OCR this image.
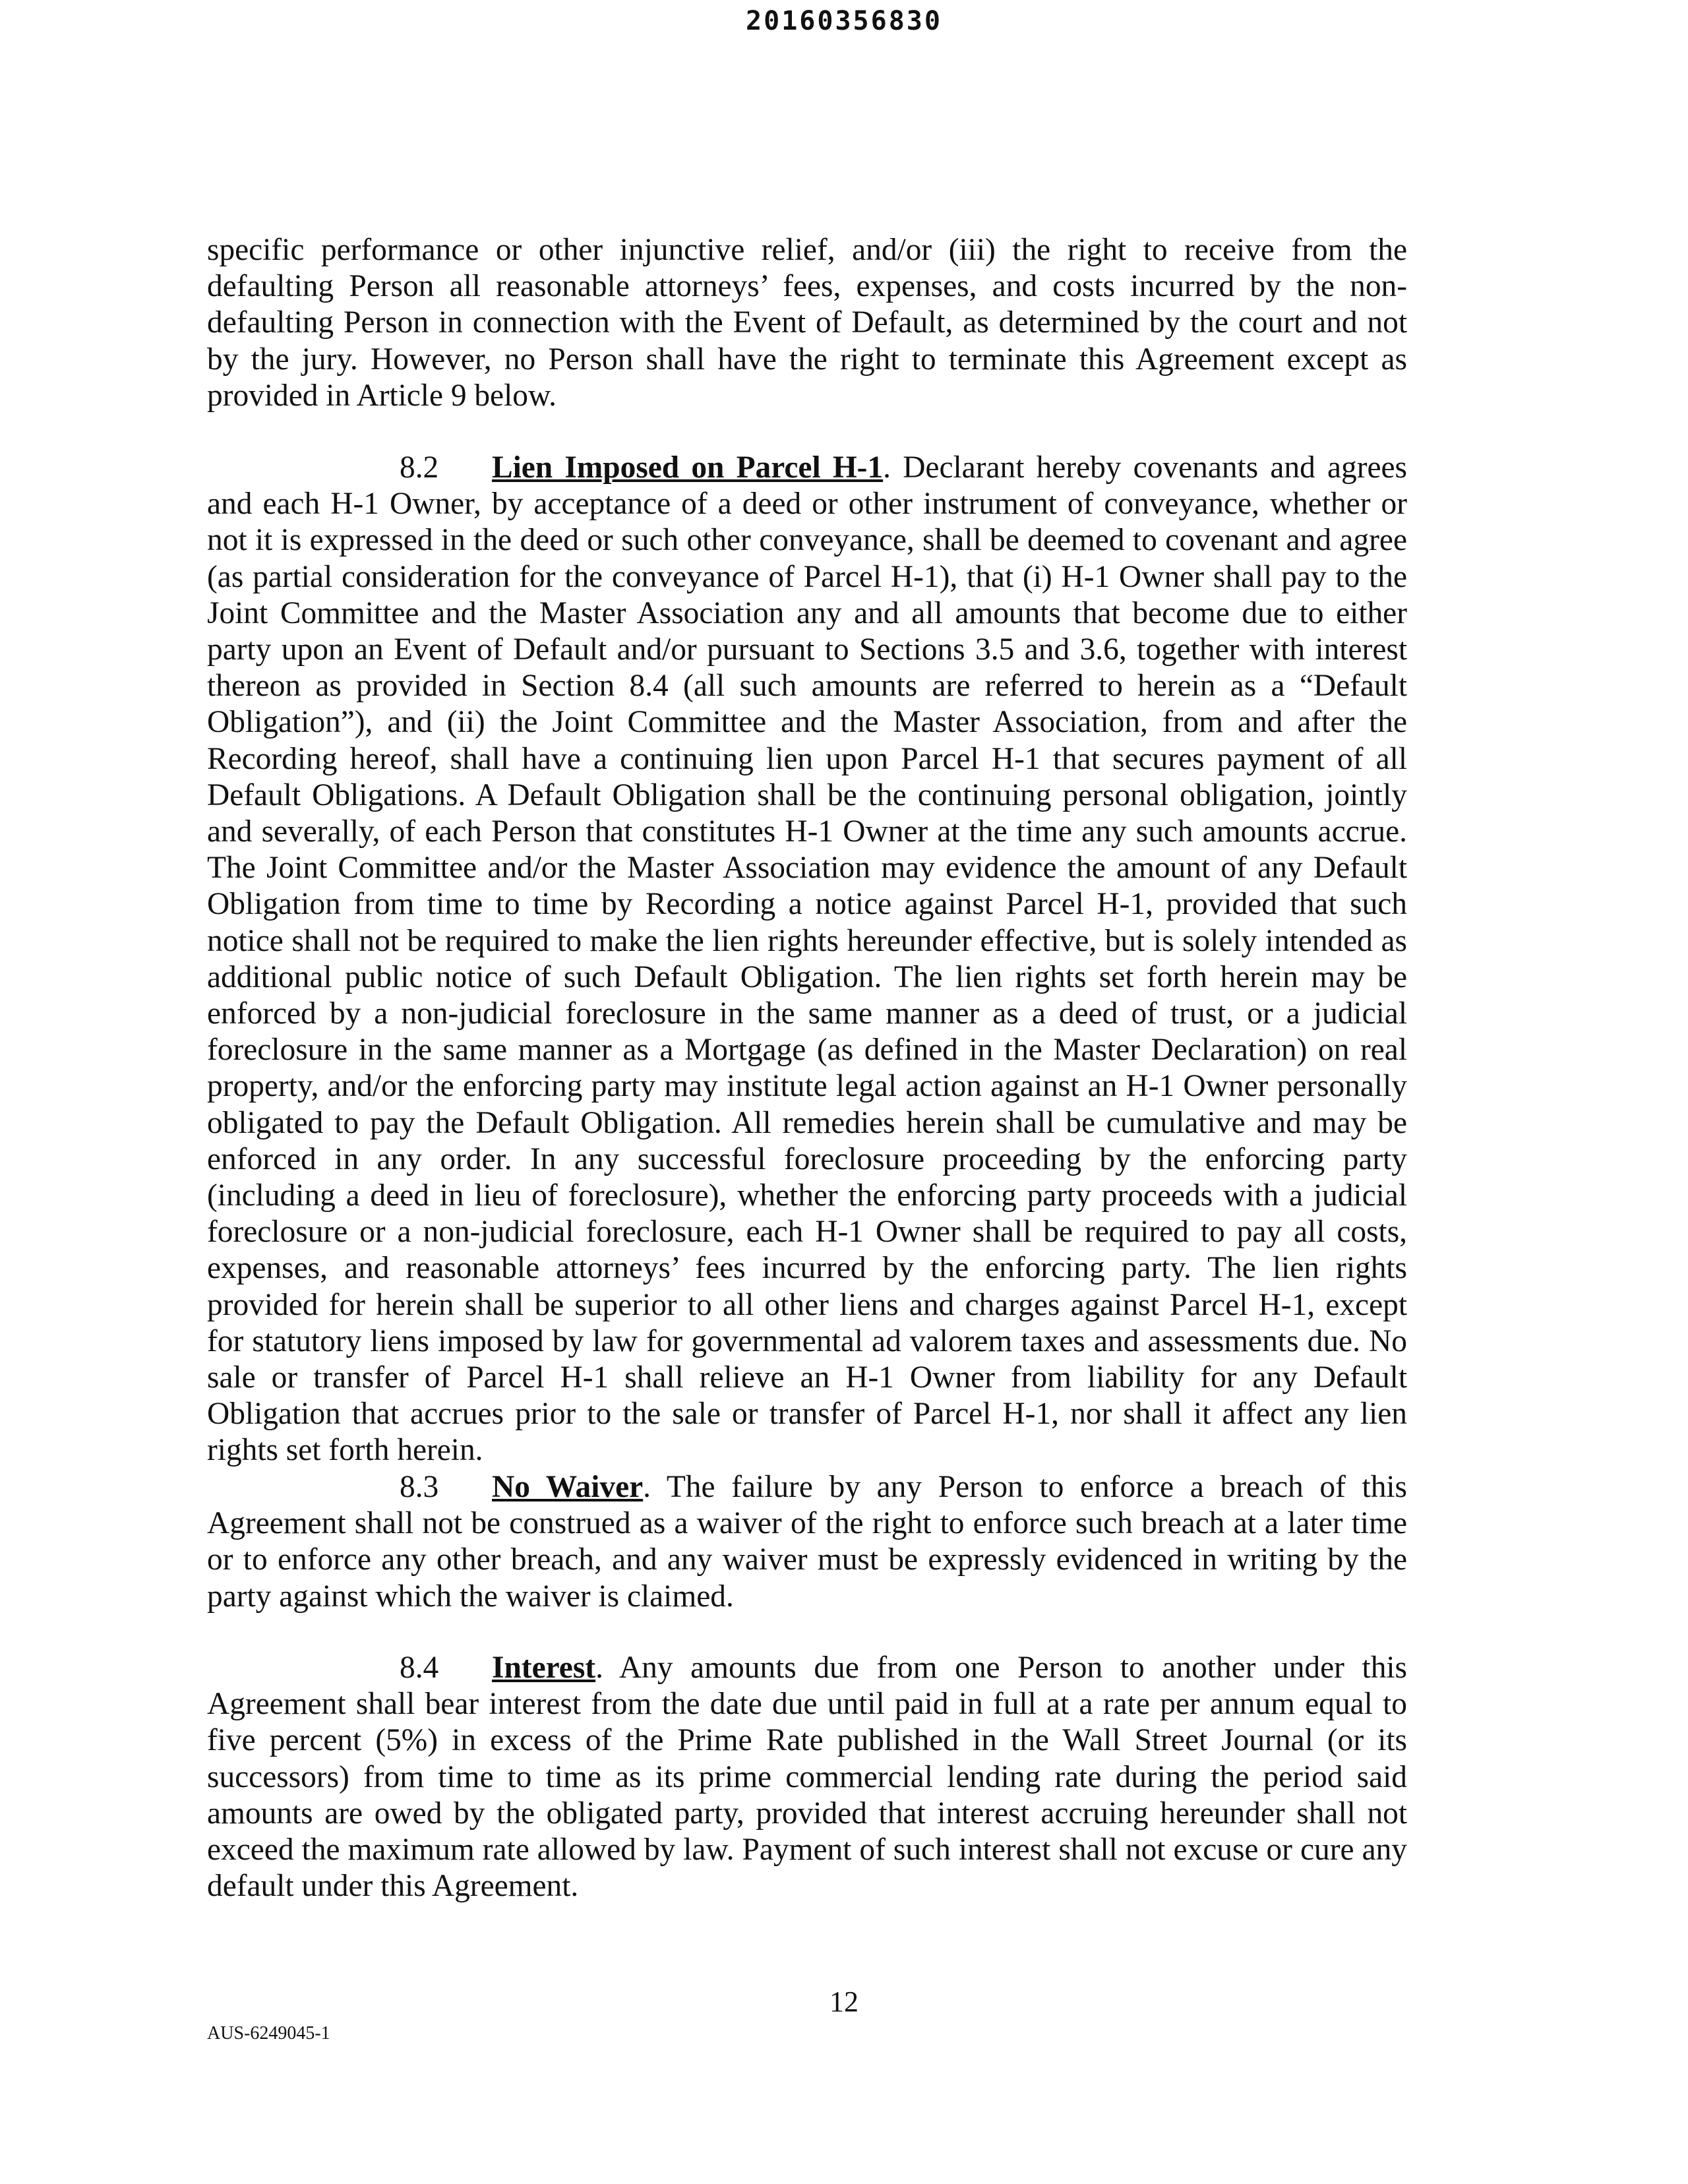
20160356830

specific performance or other injunctive relief, and/or (iii) the right to receive from the defaulting Person all reasonable attorneys’ fees, expenses, and costs incurred by the non-defaulting Person in connection with the Event of Default, as determined by the court and not by the jury. However, no Person shall have the right to terminate this Agreement except as provided in Article 9 below.

8.2 Lien Imposed on Parcel H-1. Declarant hereby covenants and agrees and each H-1 Owner, by acceptance of a deed or other instrument of conveyance, whether or not it is expressed in the deed or such other conveyance, shall be deemed to covenant and agree (as partial consideration for the conveyance of Parcel H-1), that (i) H-1 Owner shall pay to the Joint Committee and the Master Association any and all amounts that become due to either party upon an Event of Default and/or pursuant to Sections 3.5 and 3.6, together with interest thereon as provided in Section 8.4 (all such amounts are referred to herein as a “Default Obligation”), and (ii) the Joint Committee and the Master Association, from and after the Recording hereof, shall have a continuing lien upon Parcel H-1 that secures payment of all Default Obligations. A Default Obligation shall be the continuing personal obligation, jointly and severally, of each Person that constitutes H-1 Owner at the time any such amounts accrue. The Joint Committee and/or the Master Association may evidence the amount of any Default Obligation from time to time by Recording a notice against Parcel H-1, provided that such notice shall not be required to make the lien rights hereunder effective, but is solely intended as additional public notice of such Default Obligation. The lien rights set forth herein may be enforced by a non-judicial foreclosure in the same manner as a deed of trust, or a judicial foreclosure in the same manner as a Mortgage (as defined in the Master Declaration) on real property, and/or the enforcing party may institute legal action against an H-1 Owner personally obligated to pay the Default Obligation. All remedies herein shall be cumulative and may be enforced in any order. In any successful foreclosure proceeding by the enforcing party (including a deed in lieu of foreclosure), whether the enforcing party proceeds with a judicial foreclosure or a non-judicial foreclosure, each H-1 Owner shall be required to pay all costs, expenses, and reasonable attorneys’ fees incurred by the enforcing party. The lien rights provided for herein shall be superior to all other liens and charges against Parcel H-1, except for statutory liens imposed by law for governmental ad valorem taxes and assessments due. No sale or transfer of Parcel H-1 shall relieve an H-1 Owner from liability for any Default Obligation that accrues prior to the sale or transfer of Parcel H-1, nor shall it affect any lien rights set forth herein.

8.3 No Waiver. The failure by any Person to enforce a breach of this Agreement shall not be construed as a waiver of the right to enforce such breach at a later time or to enforce any other breach, and any waiver must be expressly evidenced in writing by the party against which the waiver is claimed.

8.4 Interest. Any amounts due from one Person to another under this Agreement shall bear interest from the date due until paid in full at a rate per annum equal to five percent (5%) in excess of the Prime Rate published in the Wall Street Journal (or its successors) from time to time as its prime commercial lending rate during the period said amounts are owed by the obligated party, provided that interest accruing hereunder shall not exceed the maximum rate allowed by law. Payment of such interest shall not excuse or cure any default under this Agreement.

12
AUS-6249045-1
